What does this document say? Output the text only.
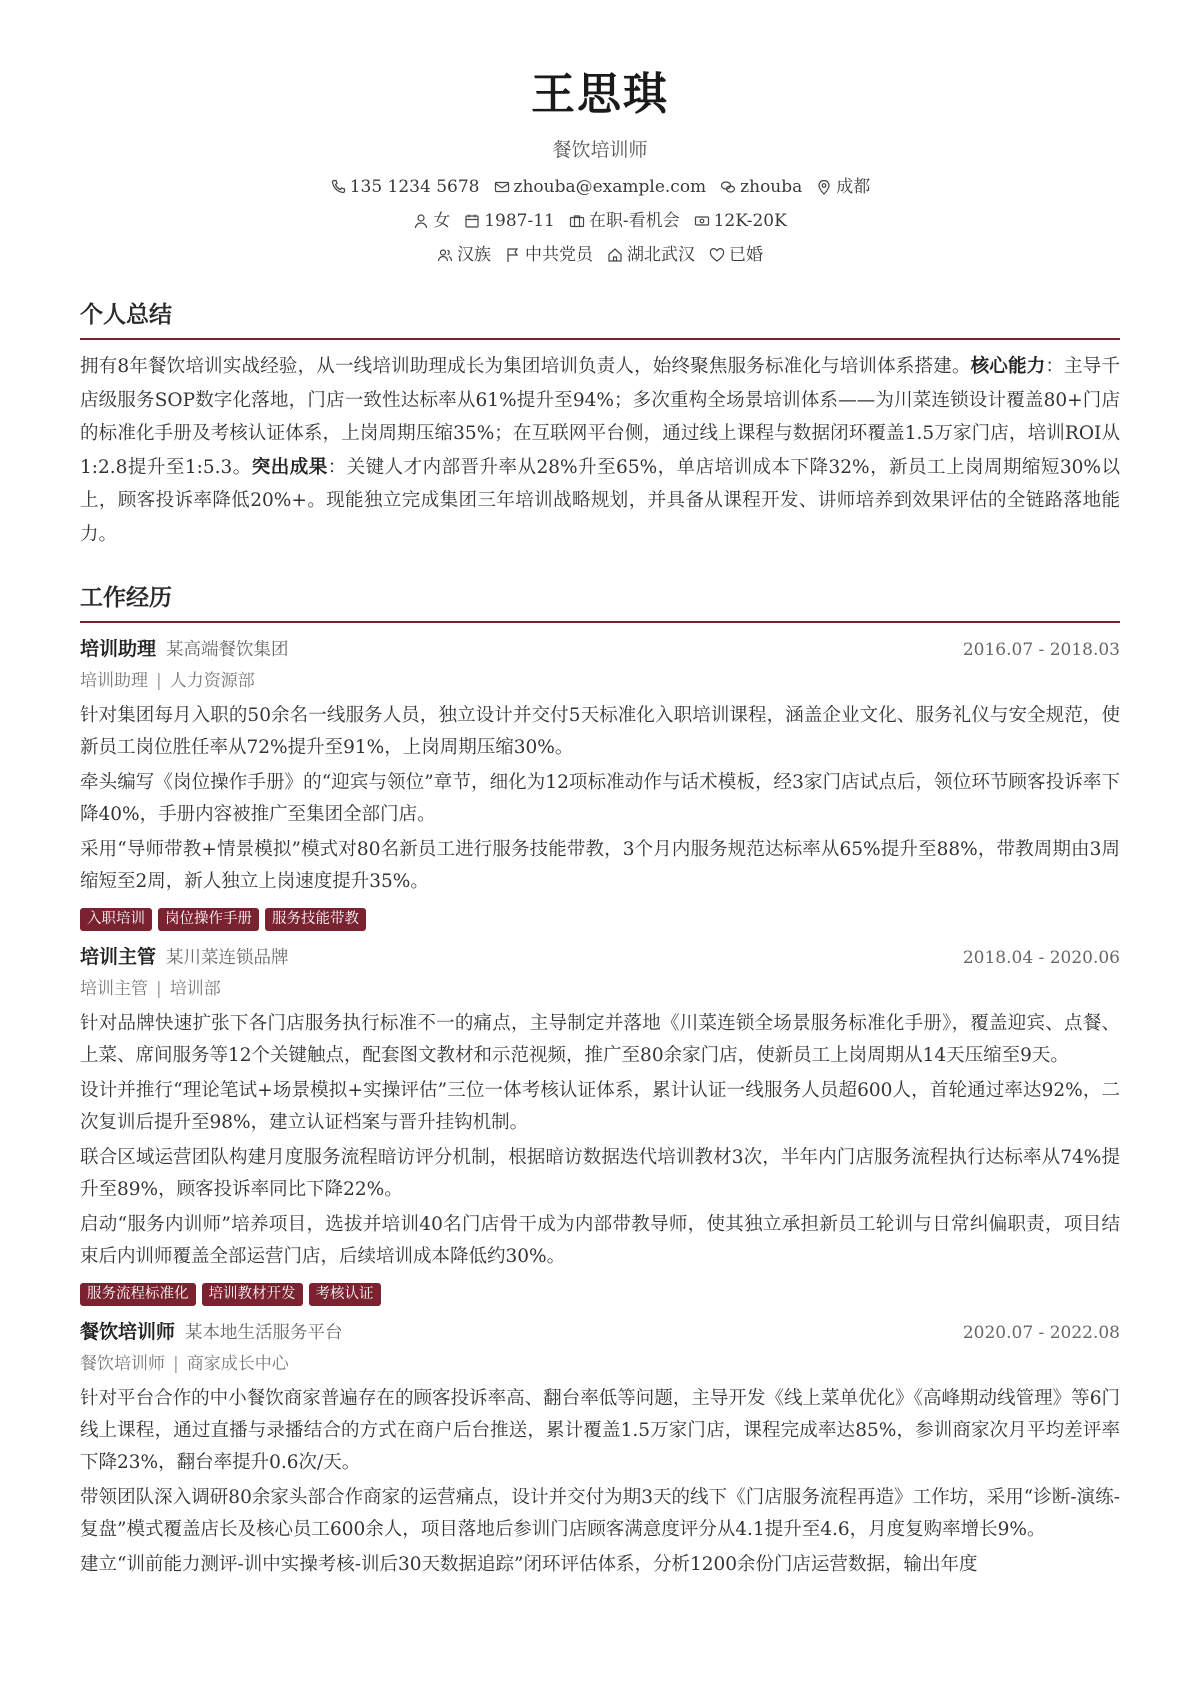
王思琪
餐饮培训师
135 1234 5678 zhouba@example.com zhouba 成都
女 1987-11 在职-看机会 12K-20K
汉族 中共党员 湖北武汉 已婚
个人总结
拥有8年餐饮培训实战经验，从一线培训助理成长为集团培训负责人，始终聚焦服务标准化与培训体系搭建。核心能力：主导千店级服务SOP数字化落地，门店一致性达标率从61%提升至94%；多次重构全场景培训体系——为川菜连锁设计覆盖80+门店的标准化手册及考核认证体系，上岗周期压缩35%；在互联网平台侧，通过线上课程与数据闭环覆盖1.5万家门店，培训ROI从1:2.8提升至1:5.3。突出成果：关键人才内部晋升率从28%升至65%，单店培训成本下降32%，新员工上岗周期缩短30%以上，顾客投诉率降低20%+。现能独立完成集团三年培训战略规划，并具备从课程开发、讲师培养到效果评估的全链路落地能力。
工作经历
培训助理 某高端餐饮集团	2016.07 - 2018.03
培训助理 | 人力资源部
针对集团每月入职的50余名一线服务人员，独立设计并交付5天标准化入职培训课程，涵盖企业文化、服务礼仪与安全规范，使新员工岗位胜任率从72%提升至91%，上岗周期压缩30%。
牵头编写《岗位操作手册》的“迎宾与领位”章节，细化为12项标准动作与话术模板，经3家门店试点后，领位环节顾客投诉率下降40%，手册内容被推广至集团全部门店。
采用“导师带教+情景模拟”模式对80名新员工进行服务技能带教，3个月内服务规范达标率从65%提升至88%，带教周期由3周缩短至2周，新人独立上岗速度提升35%。
入职培训	岗位操作手册	服务技能带教
培训主管 某川菜连锁品牌	2018.04 - 2020.06
培训主管 | 培训部
针对品牌快速扩张下各门店服务执行标准不一的痛点，主导制定并落地《川菜连锁全场景服务标准化手册》，覆盖迎宾、点餐、上菜、席间服务等12个关键触点，配套图文教材和示范视频，推广至80余家门店，使新员工上岗周期从14天压缩至9天。
设计并推行“理论笔试+场景模拟+实操评估”三位一体考核认证体系，累计认证一线服务人员超600人，首轮通过率达92%，二次复训后提升至98%，建立认证档案与晋升挂钩机制。
联合区域运营团队构建月度服务流程暗访评分机制，根据暗访数据迭代培训教材3次，半年内门店服务流程执行达标率从74%提升至89%，顾客投诉率同比下降22%。
启动“服务内训师”培养项目，选拔并培训40名门店骨干成为内部带教导师，使其独立承担新员工轮训与日常纠偏职责，项目结束后内训师覆盖全部运营门店，后续培训成本降低约30%。
服务流程标准化	培训教材开发	考核认证
餐饮培训师 某本地生活服务平台	2020.07 - 2022.08
餐饮培训师 | 商家成长中心
针对平台合作的中小餐饮商家普遍存在的顾客投诉率高、翻台率低等问题，主导开发《线上菜单优化》《高峰期动线管理》等6门线上课程，通过直播与录播结合的方式在商户后台推送，累计覆盖1.5万家门店，课程完成率达85%，参训商家次月平均差评率下降23%，翻台率提升0.6次/天。
带领团队深入调研80余家头部合作商家的运营痛点，设计并交付为期3天的线下《门店服务流程再造》工作坊，采用“诊断-演练-复盘”模式覆盖店长及核心员工600余人，项目落地后参训门店顾客满意度评分从4.1提升至4.6，月度复购率增长9%。
建立“训前能力测评-训中实操考核-训后30天数据追踪”闭环评估体系，分析1200余份门店运营数据，输出年度
